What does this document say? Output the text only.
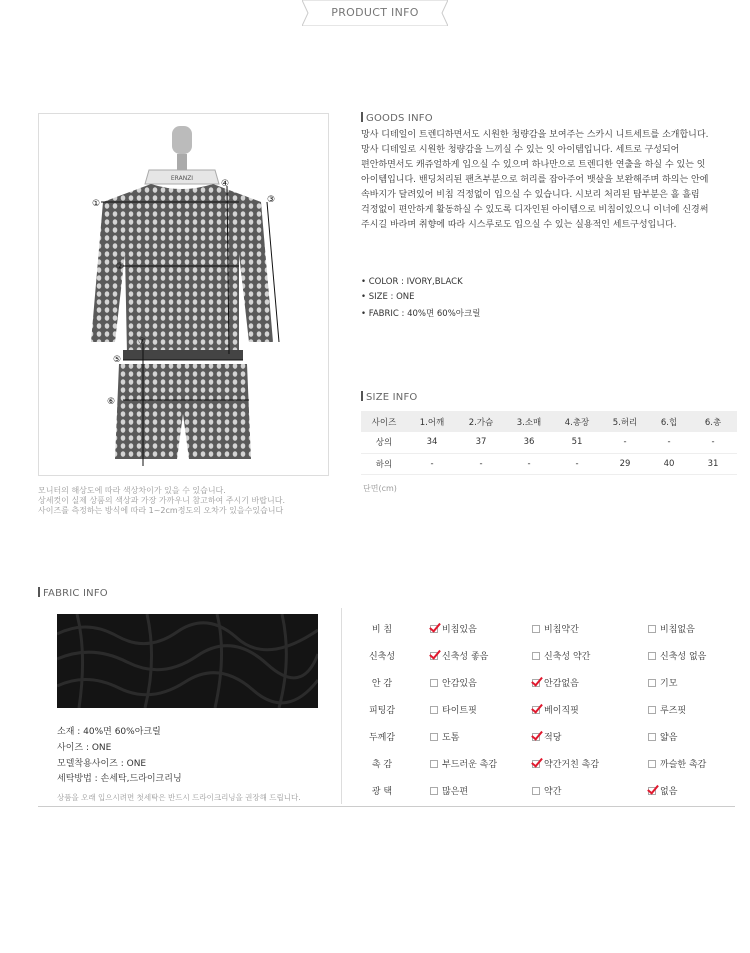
PRODUCT INFO
ERANZI
①
②
③
④
⑤
⑥
⑦
모니터의 해상도에 따라 색상차이가 있을 수 있습니다.
상세컷이 실제 상품의 색상과 가장 가까우니 참고하여 주시기 바랍니다.
사이즈를 측정하는 방식에 따라 1~2cm정도의 오차가 있을수있습니다
GOODS INFO
망사 디테일이 트렌디하면서도 시원한 청량감을 보여주는 스카시 니트세트를 소개합니다.
망사 디테일로 시원한 청량감을 느끼실 수 있는 잇 아이템입니다. 세트로 구성되어
편안하면서도 캐쥬얼하게 입으실 수 있으며 하나만으로 트렌디한 연출을 하실 수 있는 잇
아이템입니다. 밴딩처리된 팬츠부분으로 허리를 잡아주어 뱃살을 보완해주며 하의는 안에
속바지가 달려있어 비침 걱정없이 입으실 수 있습니다. 시보리 처리된 탑부분은 흘 흘림
걱정없이 편안하게 활동하실 수 있도록 디자인된 아이템으로 비침이있으니 이너에 신경써
주시길 바라며 취향에 따라 시스루로도 입으실 수 있는 실용적인 세트구성입니다.
• COLOR : IVORY,BLACK
• SIZE : ONE
• FABRIC : 40%면 60%아크릴
SIZE INFO
사이즈	1.어깨	2.가슴	3.소매	4.총장	5.허리	6.힙	6.총
상의	34	37	36	51	-	-	-
하의	-	-	-	-	29	40	31
단면(cm)
FABRIC INFO
소재 : 40%면 60%아크릴
사이즈 : ONE
모델착용사이즈 : ONE
세탁방법 : 손세탁,드라이크리닝
상품을 오래 입으시려면 첫세탁은 반드시 드라이크리닝을 권장해 드립니다.
비 침	비침있음	비침약간	비침없음
신축성	신축성 좋음	신축성 약간	신축성 없음
안 감	안감있음	안감없음	기모
피팅감	타이트핏	베이직핏	루즈핏
두께감	도톰	적당	얇음
촉 감	부드러운 촉감	약간거친 촉감	까슬한 촉감
광 택	많은편	약간	없음
